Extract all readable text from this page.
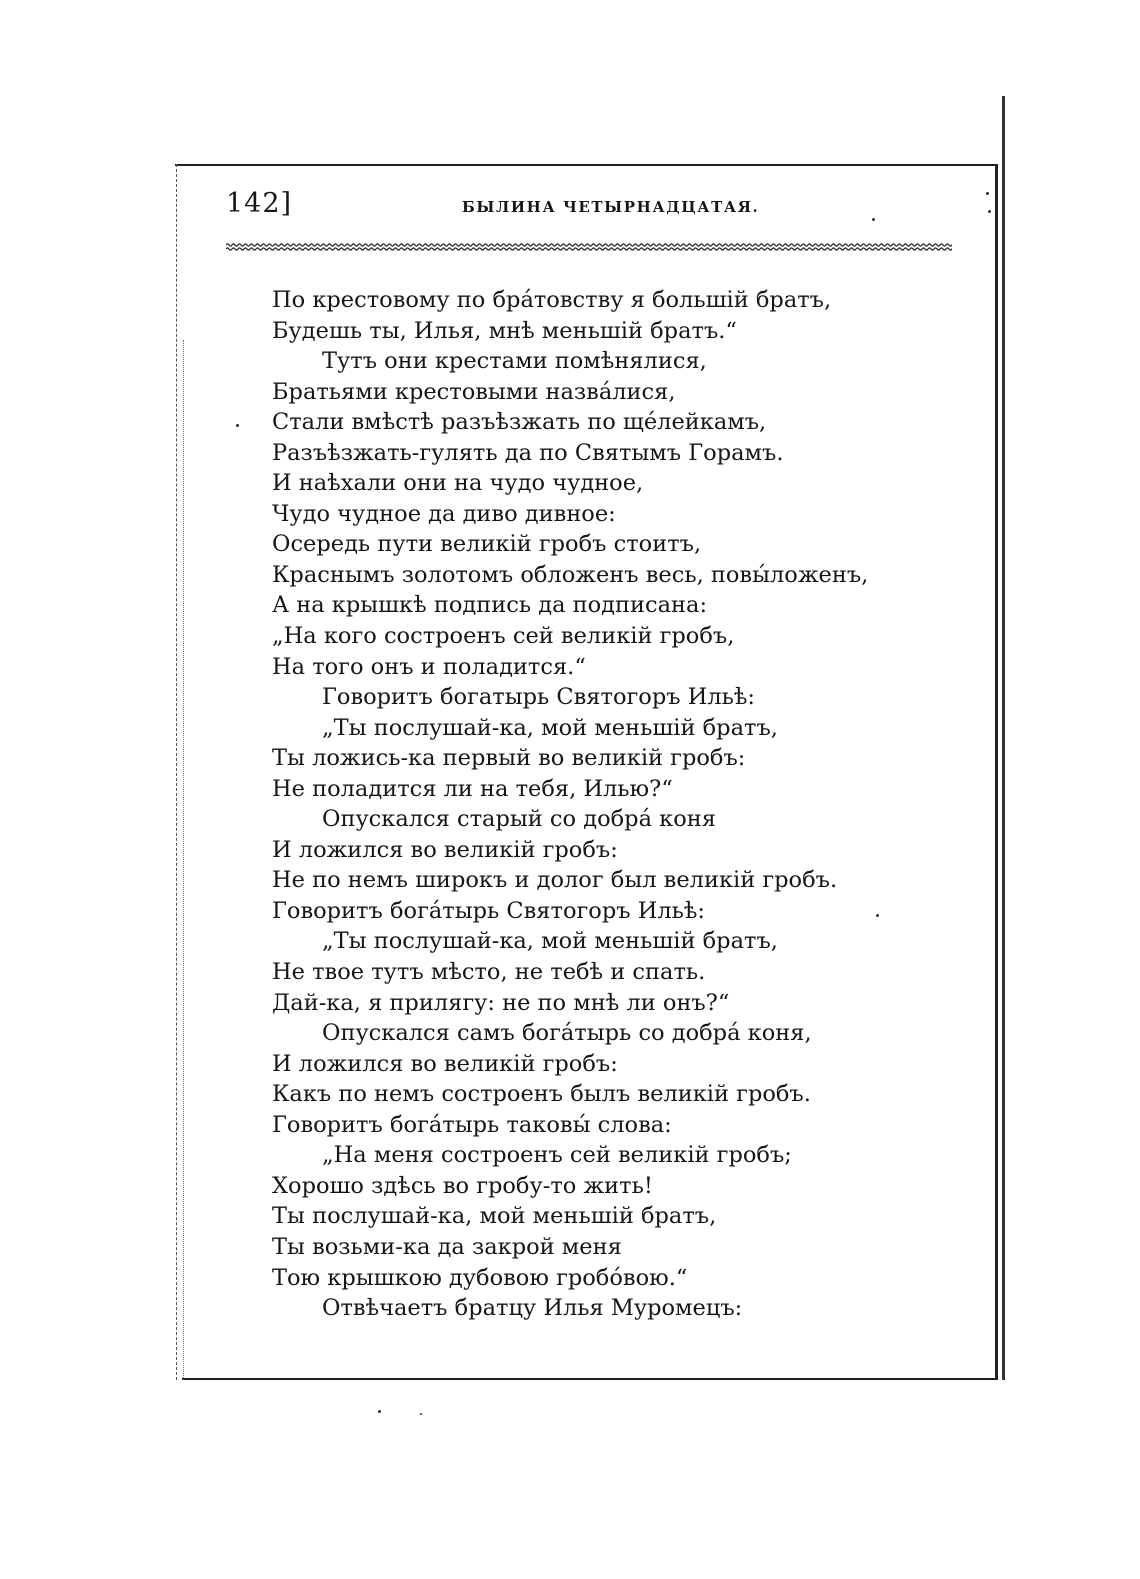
142]	БЫЛИНА ЧЕТЫРНАДЦАТАЯ.
По крестовому по бра́товству я большій братъ,
Будешь ты, Илья, мнѣ меньшій братъ.“
Тутъ они крестами помѣнялися,
Братьями крестовыми назва́лися,
Стали вмѣстѣ разъѣзжать по ще́лейкамъ,
Разъѣзжать-гулять да по Святымъ Горамъ.
И наѣхали они на чудо чудное,
Чудо чудное да диво дивное:
Осередь пути великій гробъ стоитъ,
Краснымъ золотомъ обложенъ весь, повы́ложенъ,
А на крышкѣ подпись да подписана:
„На кого состроенъ сей великій гробъ,
На того онъ и поладится.“
Говоритъ богатырь Святогоръ Ильѣ:
„Ты послушай-ка, мой меньшій братъ,
Ты ложись-ка первый во великій гробъ:
Не поладится ли на тебя, Илью?“
Опускался старый со добра́ коня
И ложился во великій гробъ:
Не по немъ широкъ и долог был великій гробъ.
Говоритъ бога́тырь Святогоръ Ильѣ:
„Ты послушай-ка, мой меньшій братъ,
Не твое тутъ мѣсто, не тебѣ и спать.
Дай-ка, я прилягу: не по мнѣ ли онъ?“
Опускался самъ бога́тырь со добра́ коня,
И ложился во великій гробъ:
Какъ по немъ состроенъ былъ великій гробъ.
Говоритъ бога́тырь таковы́ слова:
„На меня состроенъ сей великій гробъ;
Хорошо здѣсь во гробу-то жить!
Ты послушай-ка, мой меньшій братъ,
Ты возьми-ка да закрой меня
Тою крышкою дубовою гробо́вою.“
Отвѣчаетъ братцу Илья Муромецъ:
